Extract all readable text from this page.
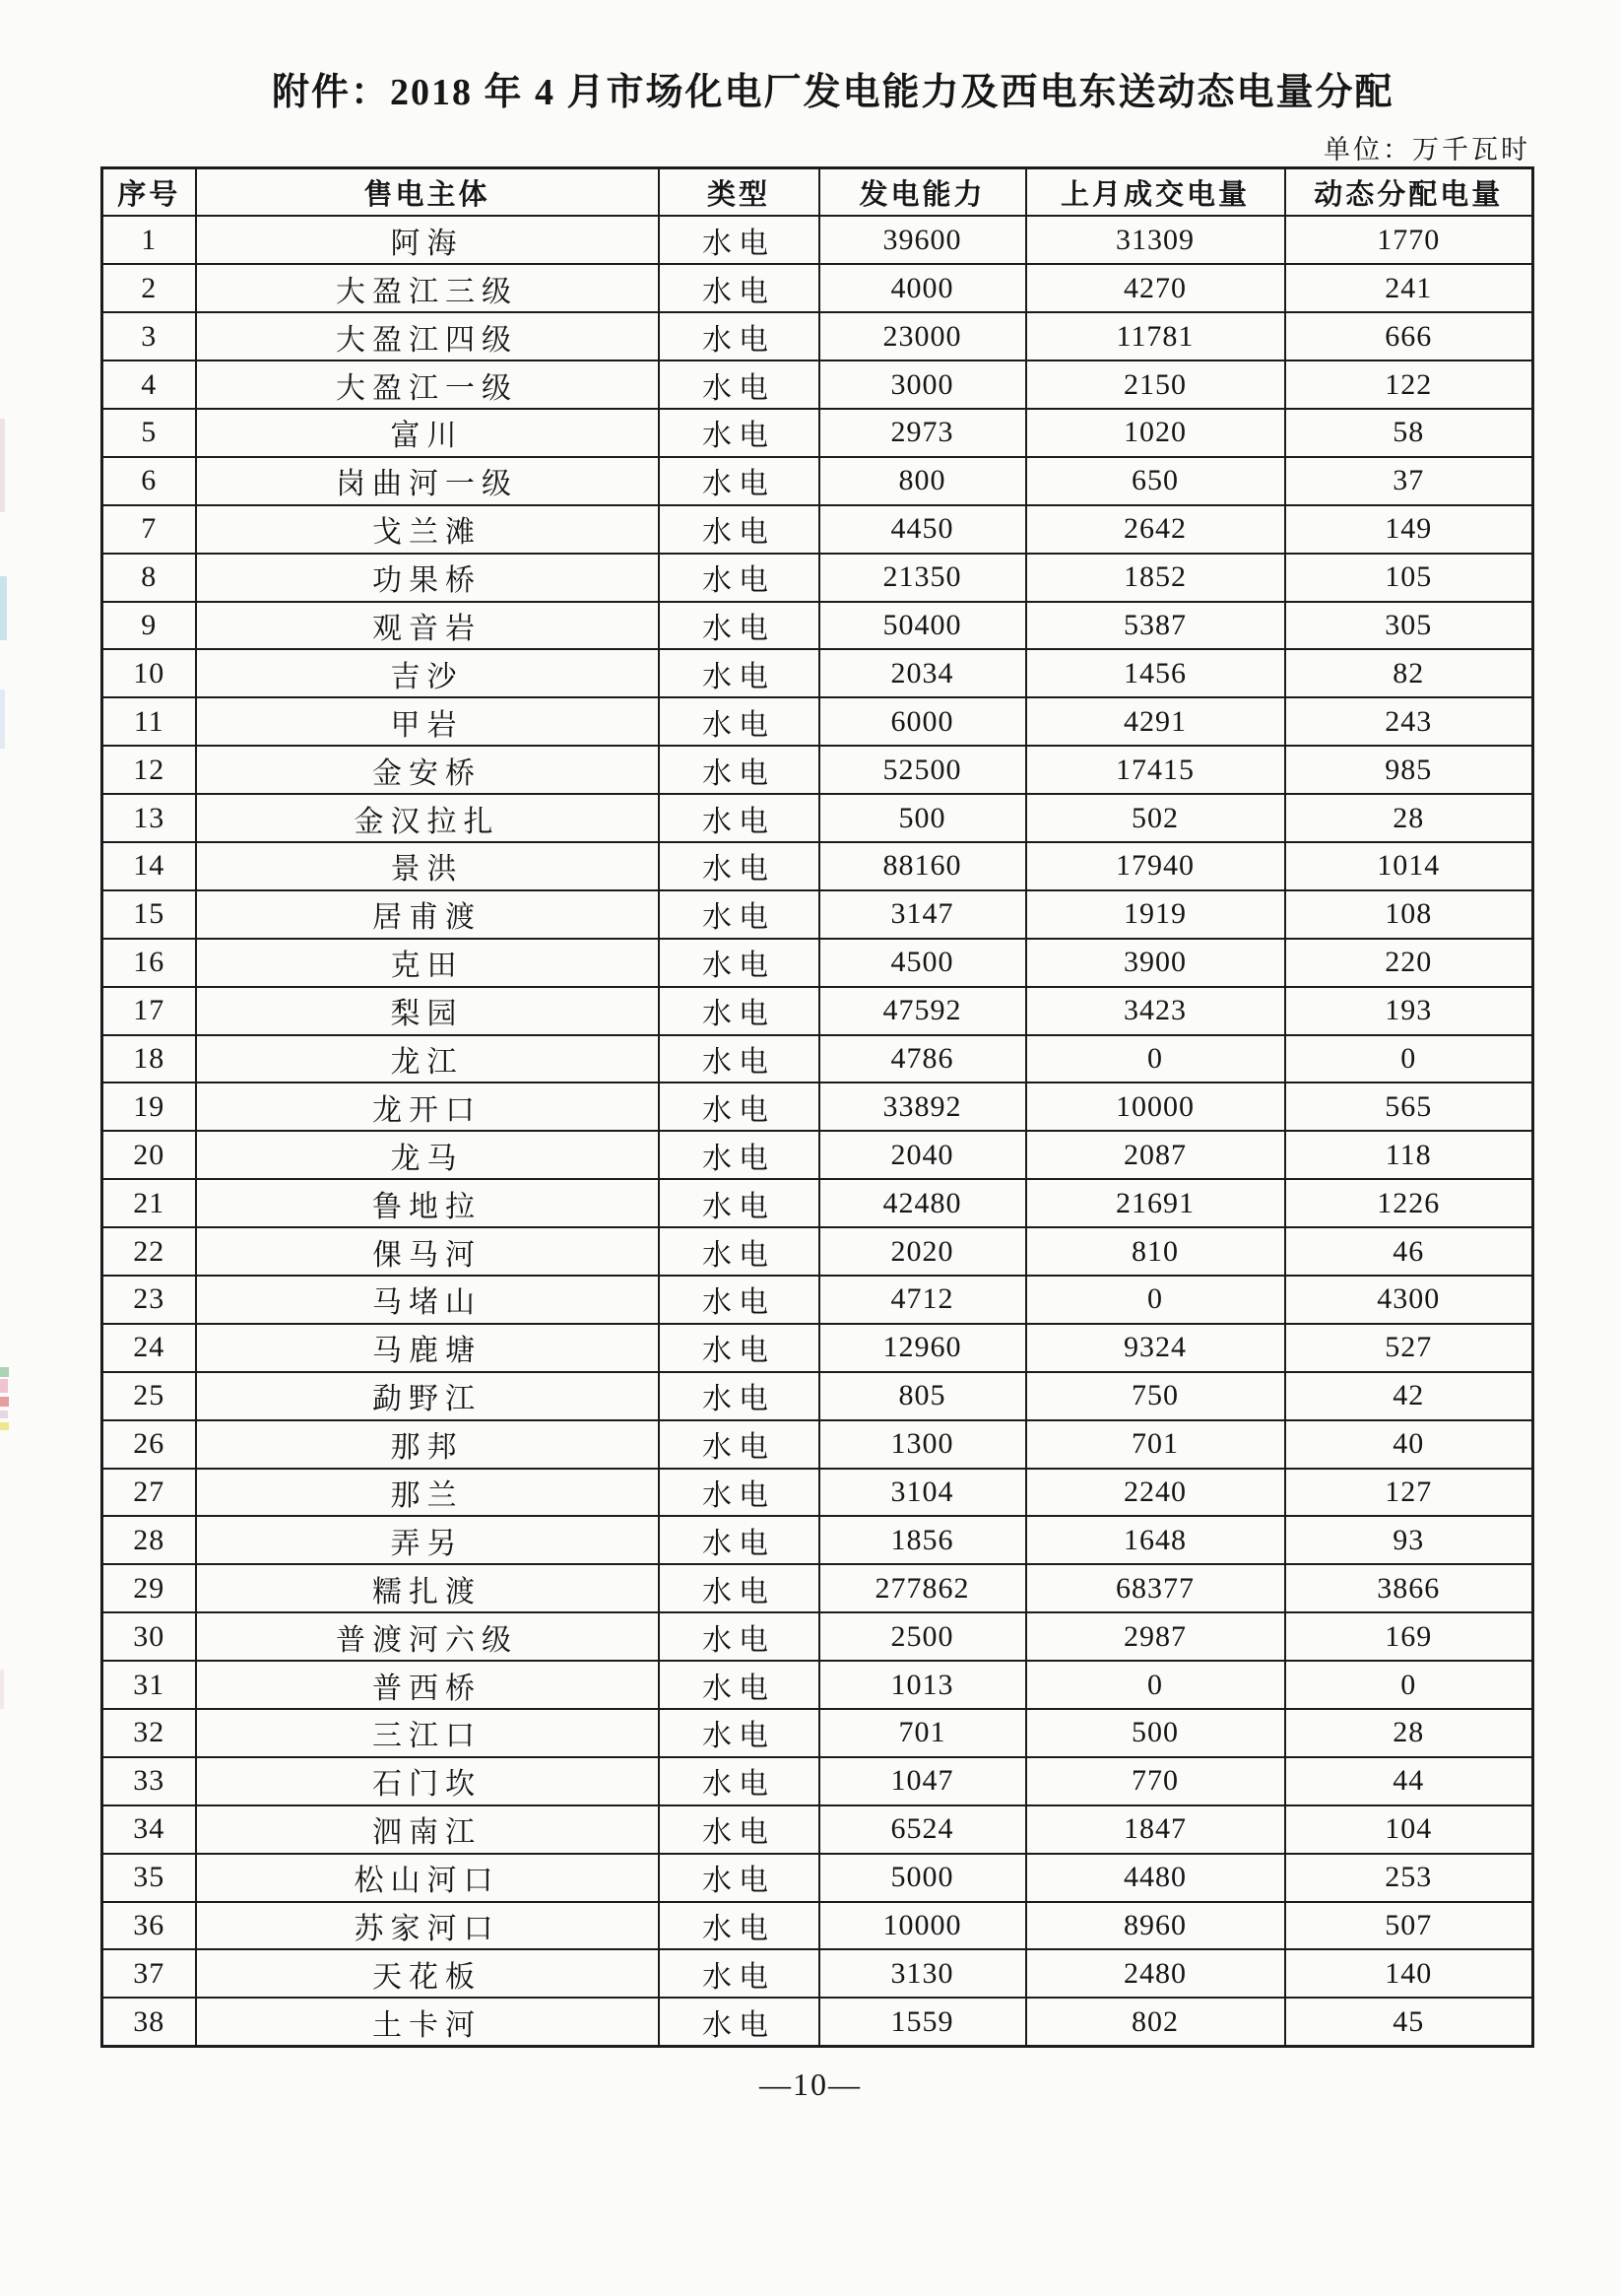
附件：2018 年 4 月市场化电厂发电能力及西电东送动态电量分配
单位：万千瓦时
序号	售电主体	类型	发电能力	上月成交电量	动态分配电量
1	阿海	水电	39600	31309	1770
2	大盈江三级	水电	4000	4270	241
3	大盈江四级	水电	23000	11781	666
4	大盈江一级	水电	3000	2150	122
5	富川	水电	2973	1020	58
6	岗曲河一级	水电	800	650	37
7	戈兰滩	水电	4450	2642	149
8	功果桥	水电	21350	1852	105
9	观音岩	水电	50400	5387	305
10	吉沙	水电	2034	1456	82
11	甲岩	水电	6000	4291	243
12	金安桥	水电	52500	17415	985
13	金汉拉扎	水电	500	502	28
14	景洪	水电	88160	17940	1014
15	居甫渡	水电	3147	1919	108
16	克田	水电	4500	3900	220
17	梨园	水电	47592	3423	193
18	龙江	水电	4786	0	0
19	龙开口	水电	33892	10000	565
20	龙马	水电	2040	2087	118
21	鲁地拉	水电	42480	21691	1226
22	倮马河	水电	2020	810	46
23	马堵山	水电	4712	0	4300
24	马鹿塘	水电	12960	9324	527
25	勐野江	水电	805	750	42
26	那邦	水电	1300	701	40
27	那兰	水电	3104	2240	127
28	弄另	水电	1856	1648	93
29	糯扎渡	水电	277862	68377	3866
30	普渡河六级	水电	2500	2987	169
31	普西桥	水电	1013	0	0
32	三江口	水电	701	500	28
33	石门坎	水电	1047	770	44
34	泗南江	水电	6524	1847	104
35	松山河口	水电	5000	4480	253
36	苏家河口	水电	10000	8960	507
37	天花板	水电	3130	2480	140
38	土卡河	水电	1559	802	45
—10—
